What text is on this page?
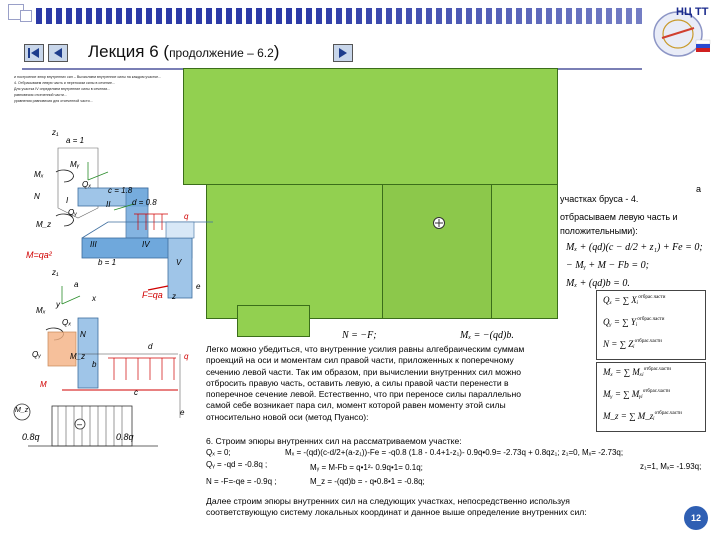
НЦ ТТ
Лекция 6 (продолжение – 6.2)
и построение эпюр внутренних сил – Вычисляем внутренние силы на каждом участке...
4. Отбрасываем левую часть и переносим силы в сечение...
Для участка IV определяем внутренние силы в сечении...
равновесия отсеченной части...
уравнения равновесия для отсеченной части...
z₁
a = 1
Mₓ
Mᵧ
Qₓ
N
c = 1.8
d = 0.8
Qᵧ
II
I
q
M_z
III	IV
V
M=qa²
b = 1
z₁
a
F=qa
e
z
x
y
Mₓ
Qₓ
N
d
Qᵧ	M_z	q
b
M
c
e
M_z
–
0.8q	0.8q
а
участках бруса - 4.
отбрасываем левую часть и
положительными):
Mₓ + (qd)(c − d/2 + z₁) + Fe = 0;
− Mᵧ + M − Fb = 0;
Mₓ + (qd)b = 0.
N = −F;	Mₓ = −(qd)b.
Qₓ = ∑ Xᵢ$^{отбрас.части}$
Qᵧ = ∑ Yᵢ$^{отбрас.части}$
N = ∑ Zᵢ$^{отбрас.части}$
Mₓ = ∑ Mₓᵢ$^{отбрас.части}$
Mᵧ = ∑ Mᵧᵢ$^{отбрас.части}$
M_z = ∑ M_zᵢ$^{отбрас.части}$
Легко можно убедиться, что внутренние усилия равны алгебраическим суммам
проекций на оси и моментам сил правой части, приложенных к поперечному
сечению левой части. Так им образом, при вычислении внутренних сил можно
отбросить правую часть, оставить левую, а силы правой части перенести в
поперечное сечение левой. Естественно, что при переносе силы параллельно
самой себе возникает пара сил, момент которой равен моменту этой силы
относительно новой оси (метод Пуансо):
6. Строим эпюры внутренних сил на рассматриваемом участке:
Qₓ = 0;	Mₓ = -(qd)(c-d/2+(a-z₁))-Fe = -q0.8 (1.8 - 0.4+1-z₁)- 0.9q•0.9= -2.73q + 0.8qz₁; z₁=0, Mₓ= -2.73q;
Qᵧ = -qd = -0.8q ;	Mᵧ = M-Fb = q•1²- 0.9q•1= 0.1q;	z₁=1, Mₓ= -1.93q;
N = -F=-qe = -0.9q ;	M_z = -(qd)b = - q•0.8•1 = -0.8q;
Далее строим эпюры внутренних сил на следующих участках, непосредственно используя
соответствующую систему локальных координат и данное выше определение внутренних сил:
12
